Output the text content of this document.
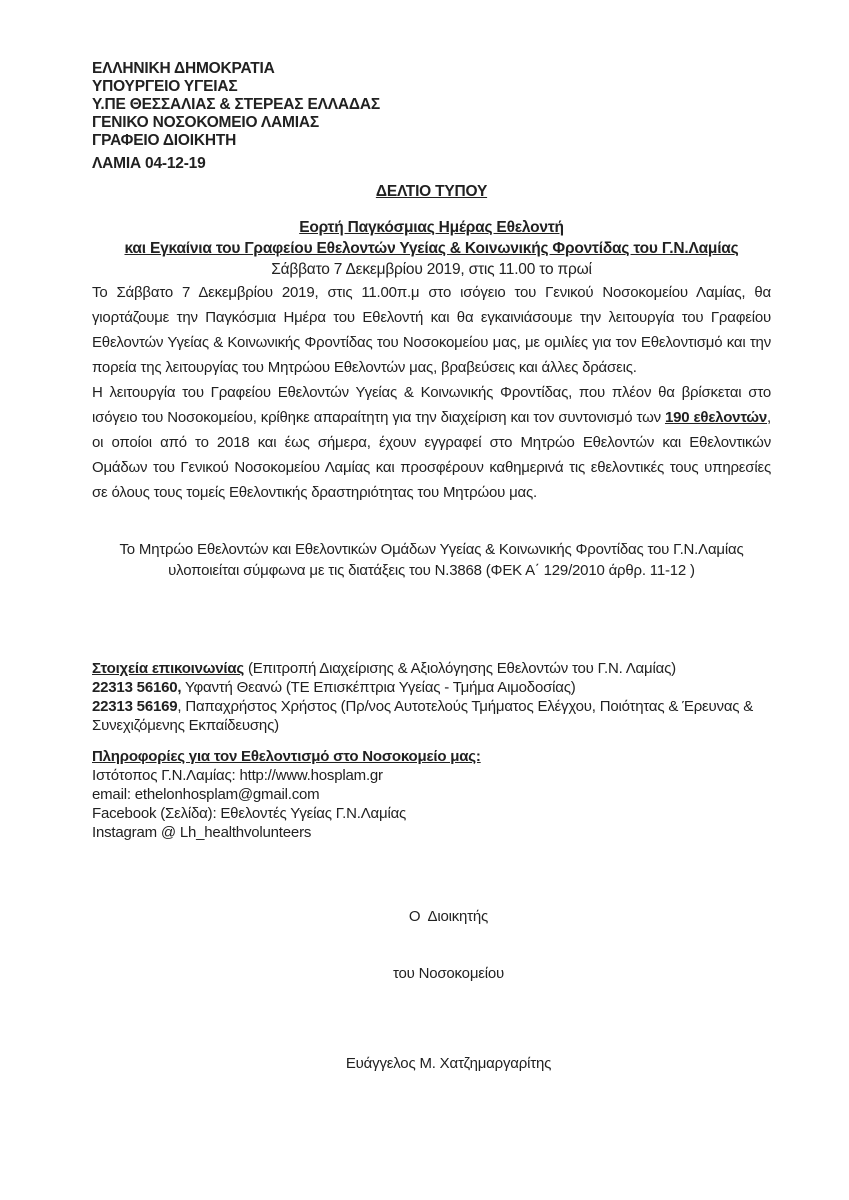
ΕΛΛΗΝΙΚΗ ΔΗΜΟΚΡΑΤΙΑ
ΥΠΟΥΡΓΕΙΟ ΥΓΕΙΑΣ
Υ.ΠΕ ΘΕΣΣΑΛΙΑΣ & ΣΤΕΡΕΑΣ ΕΛΛΑΔΑΣ
ΓΕΝΙΚΟ ΝΟΣΟΚΟΜΕΙΟ ΛΑΜΙΑΣ
ΓΡΑΦΕΙΟ ΔΙΟΙΚΗΤΗ
ΛΑΜΙΑ 04-12-19
ΔΕΛΤΙΟ ΤΥΠΟΥ
Εορτή Παγκόσμιας Ημέρας Εθελοντή
και Εγκαίνια του Γραφείου Εθελοντών Υγείας & Κοινωνικής Φροντίδας του Γ.Ν.Λαμίας
Σάββατο 7 Δεκεμβρίου 2019, στις 11.00 το πρωί

Το Σάββατο 7 Δεκεμβρίου 2019, στις 11.00π.μ στο ισόγειο του Γενικού Νοσοκομείου Λαμίας, θα γιορτάζουμε την Παγκόσμια Ημέρα του Εθελοντή και θα εγκαινιάσουμε την λειτουργία του Γραφείου Εθελοντών Υγείας & Κοινωνικής Φροντίδας του Νοσοκομείου μας, με ομιλίες για τον Εθελοντισμό και την πορεία της λειτουργίας του Μητρώου Εθελοντών μας, βραβεύσεις και άλλες δράσεις.

Η λειτουργία του Γραφείου Εθελοντών Υγείας & Κοινωνικής Φροντίδας, που πλέον θα βρίσκεται στο ισόγειο του Νοσοκομείου, κρίθηκε απαραίτητη για την διαχείριση και τον συντονισμό των 190 εθελοντών, οι οποίοι από το 2018 και έως σήμερα, έχουν εγγραφεί στο Μητρώο Εθελοντών και Εθελοντικών Ομάδων του Γενικού Νοσοκομείου Λαμίας και προσφέρουν καθημερινά τις εθελοντικές τους υπηρεσίες σε όλους τους τομείς Εθελοντικής δραστηριότητας του Μητρώου μας.

Το Μητρώο Εθελοντών και Εθελοντικών Ομάδων Υγείας & Κοινωνικής Φροντίδας του Γ.Ν.Λαμίας
υλοποιείται σύμφωνα με τις διατάξεις του Ν.3868 (ΦΕΚ Α΄ 129/2010 άρθρ. 11-12 )
Στοιχεία επικοινωνίας (Επιτροπή Διαχείρισης & Αξιολόγησης Εθελοντών του Γ.Ν. Λαμίας)
22313 56160, Υφαντή Θεανώ (ΤΕ Επισκέπτρια Υγείας - Τμήμα Αιμοδοσίας)
22313 56169, Παπαχρήστος Χρήστος (Πρ/νος Αυτοτελούς Τμήματος Ελέγχου, Ποιότητας & Έρευνας & Συνεχιζόμενης Εκπαίδευσης)
Πληροφορίες για τον Εθελοντισμό στο Νοσοκομείο μας:
Ιστότοπος Γ.Ν.Λαμίας: http://www.hosplam.gr
email: ethelonhosplam@gmail.com
Facebook (Σελίδα): Εθελοντές Υγείας Γ.Ν.Λαμίας
Instagram @ Lh_healthvolunteers

Ο  Διοικητής

του Νοσοκομείου

Ευάγγελος Μ. Χατζημαργαρίτης
